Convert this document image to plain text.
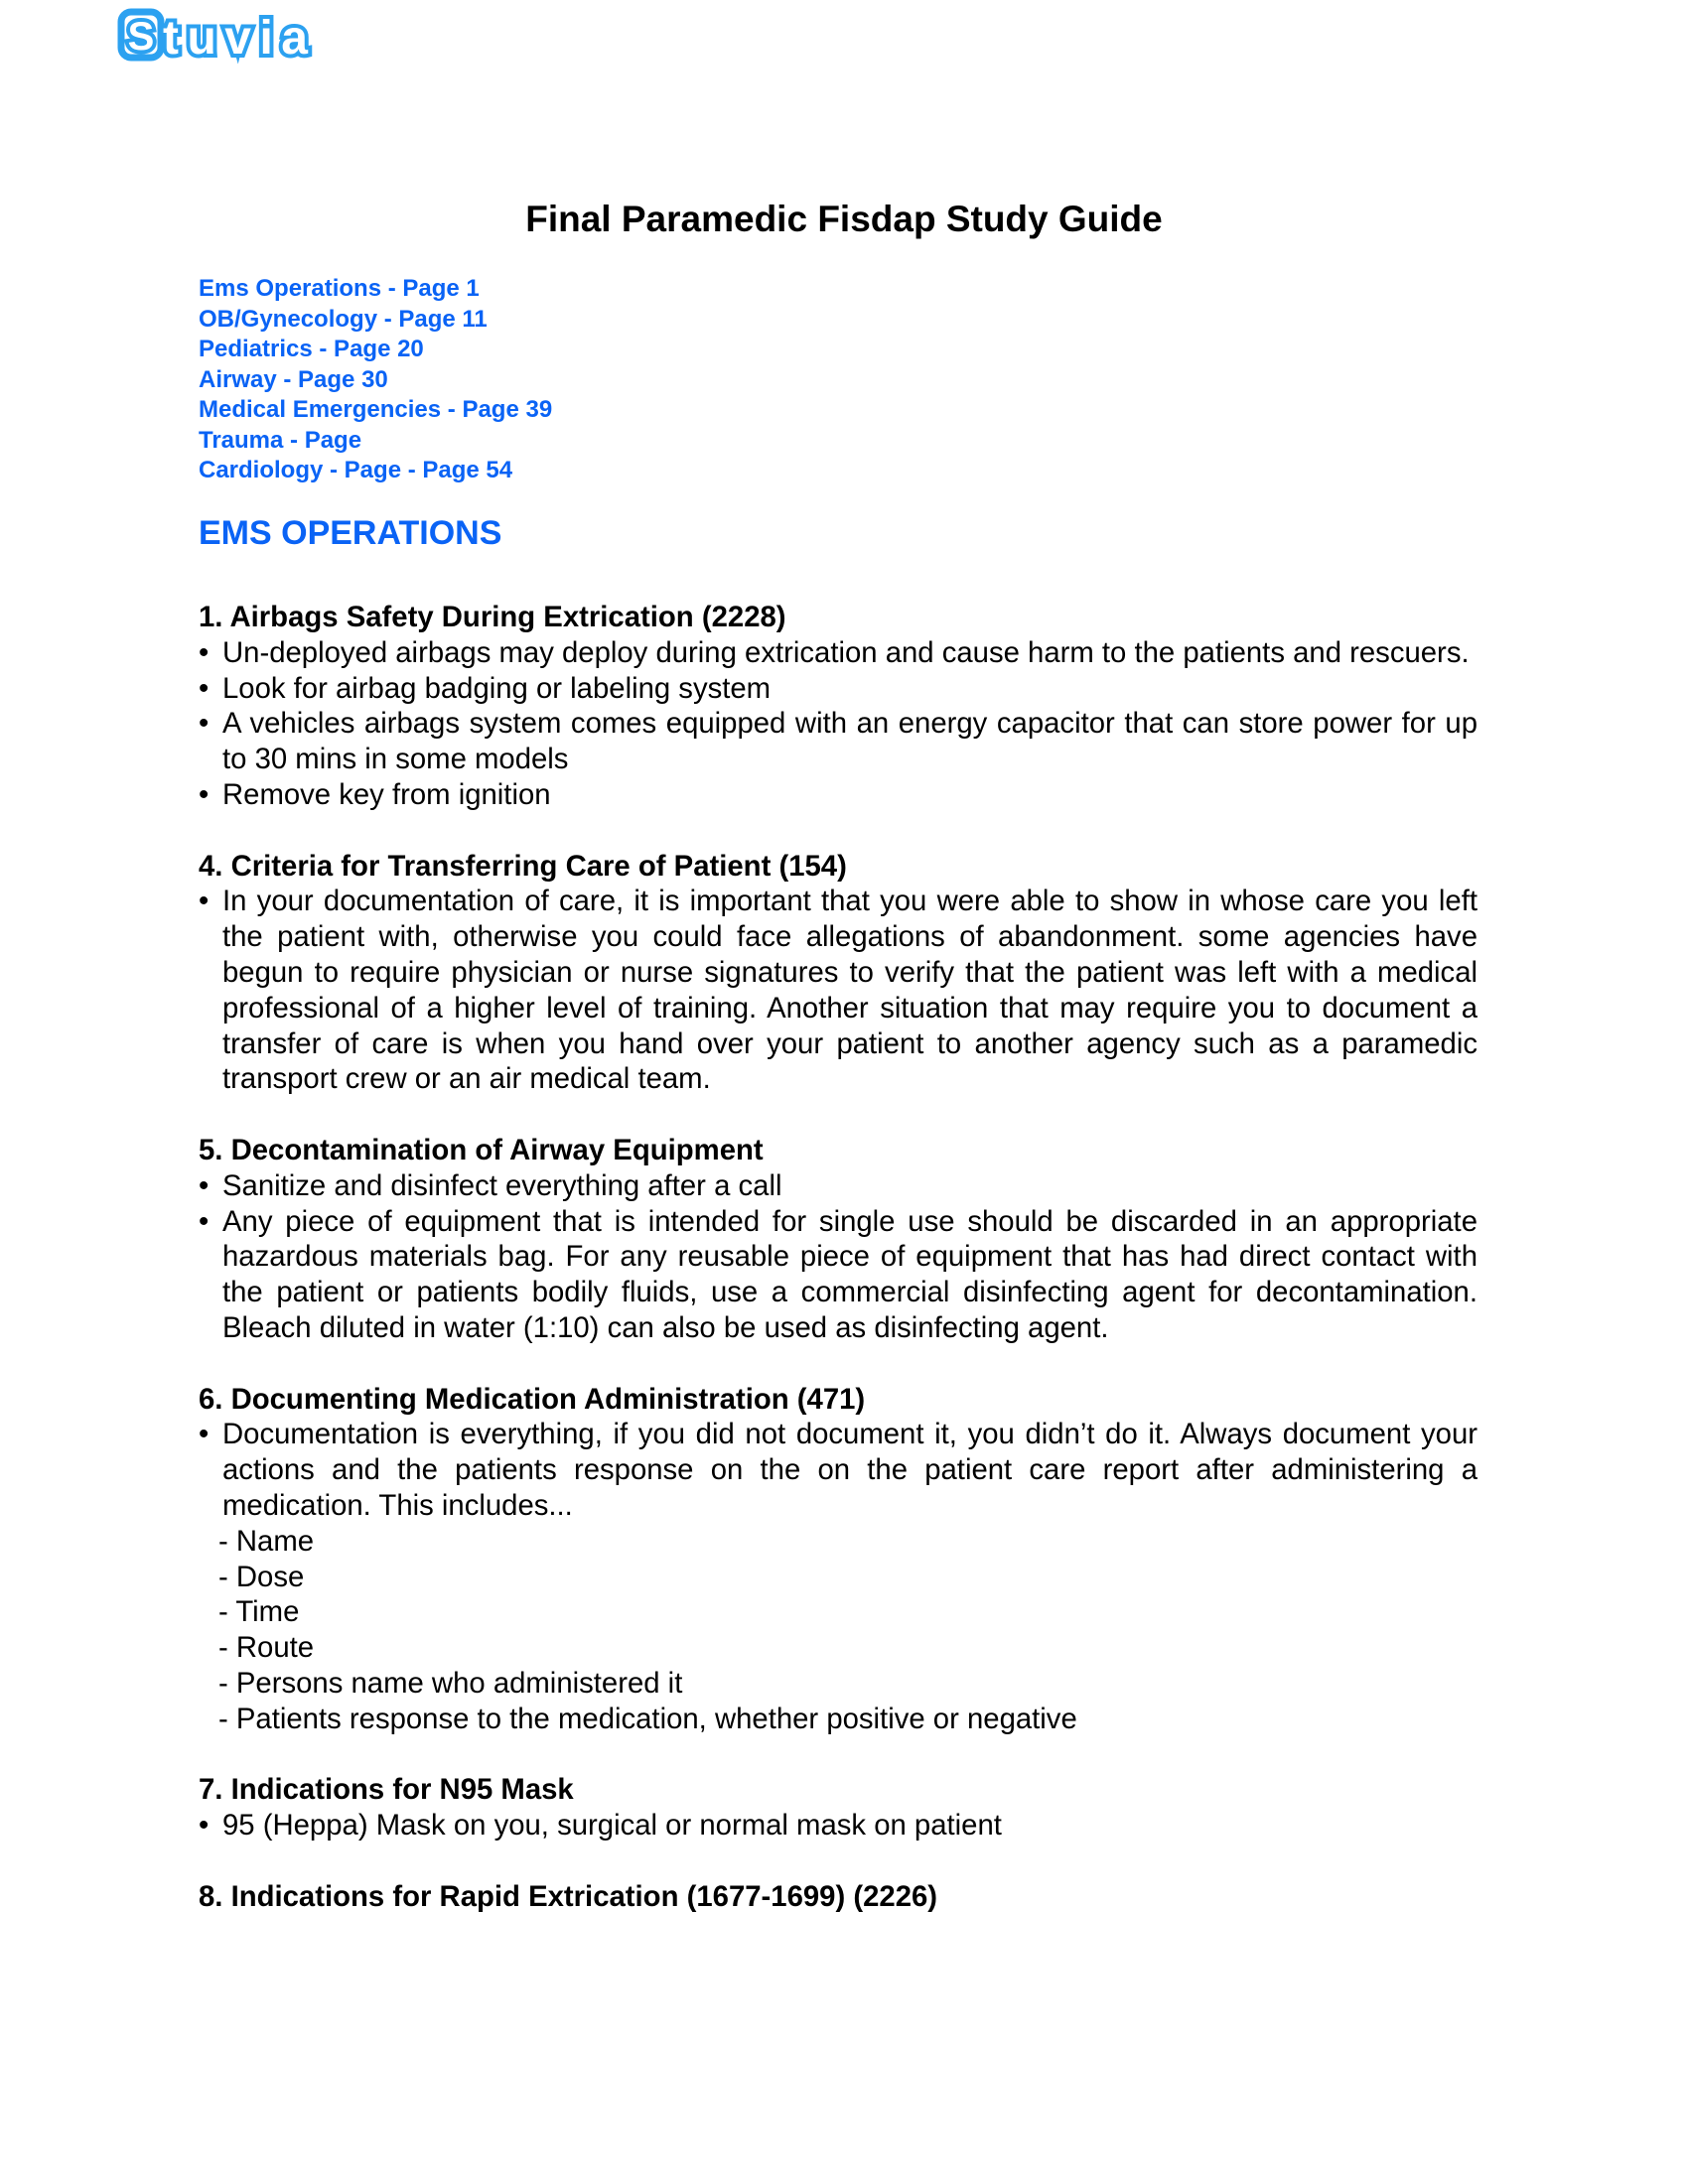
S tuvia
Final Paramedic Fisdap Study Guide
Ems Operations - Page 1
OB/Gynecology - Page 11
Pediatrics - Page 20
Airway - Page 30
Medical Emergencies - Page 39
Trauma - Page
Cardiology - Page - Page 54
EMS OPERATIONS
1. Airbags Safety During Extrication (2228)
• Un-deployed airbags may deploy during extrication and cause harm to the patients and rescuers.
• Look for airbag badging or labeling system
• A vehicles airbags system comes equipped with an energy capacitor that can store power for up to 30 mins in some models
• Remove key from ignition
4. Criteria for Transferring Care of Patient (154)
• In your documentation of care, it is important that you were able to show in whose care you left the patient with, otherwise you could face allegations of abandonment. some agencies have begun to require physician or nurse signatures to verify that the patient was left with a medical professional of a higher level of training. Another situation that may require you to document a transfer of care is when you hand over your patient to another agency such as a paramedic transport crew or an air medical team.
5. Decontamination of Airway Equipment
• Sanitize and disinfect everything after a call
• Any piece of equipment that is intended for single use should be discarded in an appropriate hazardous materials bag. For any reusable piece of equipment that has had direct contact with the patient or patients bodily fluids, use a commercial disinfecting agent for decontamination. Bleach diluted in water (1:10) can also be used as disinfecting agent.
6. Documenting Medication Administration (471)
• Documentation is everything, if you did not document it, you didn’t do it. Always document your actions and the patients response on the on the patient care report after administering a medication. This includes...
- Name
- Dose
- Time
- Route
- Persons name who administered it
- Patients response to the medication, whether positive or negative
7. Indications for N95 Mask
• 95 (Heppa) Mask on you, surgical or normal mask on patient
8. Indications for Rapid Extrication (1677-1699) (2226)
